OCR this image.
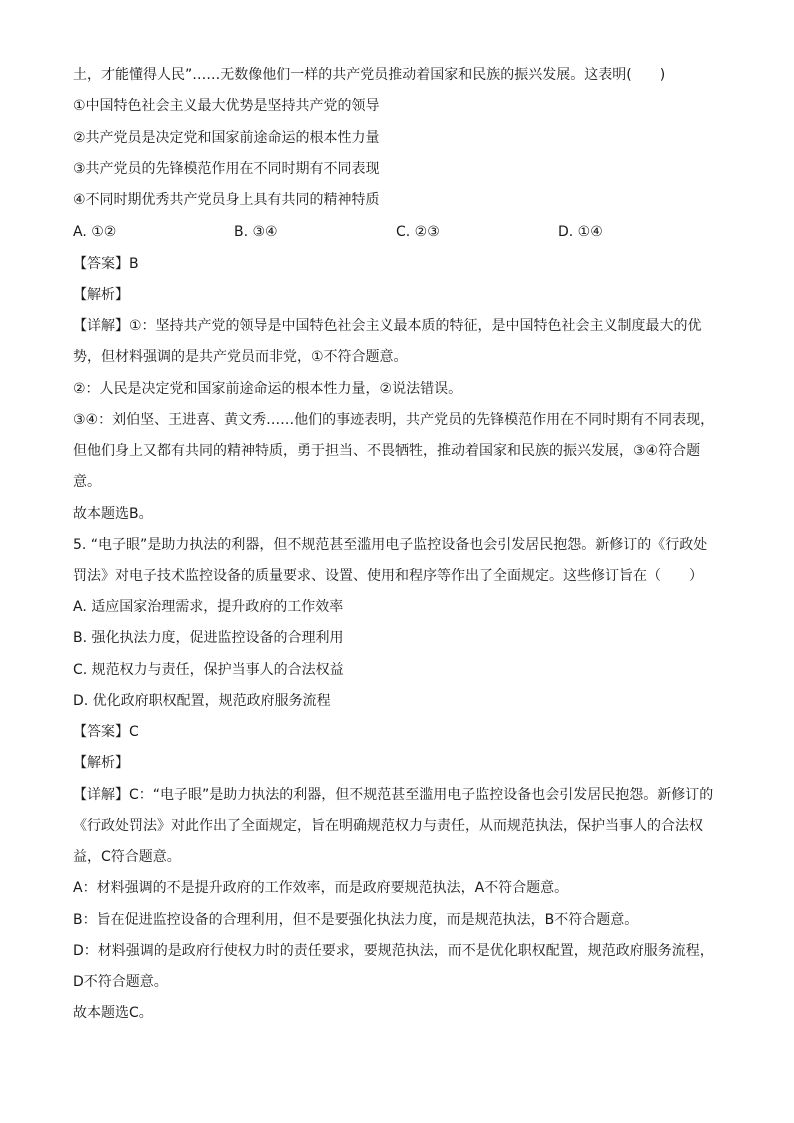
土，才能懂得人民”……无数像他们一样的共产党员推动着国家和民族的振兴发展。这表明(　　)
①中国特色社会主义最大优势是坚持共产党的领导
②共产党员是决定党和国家前途命运的根本性力量
③共产党员的先锋模范作用在不同时期有不同表现
④不同时期优秀共产党员身上具有共同的精神特质
A. ①②	B. ③④	C. ②③	D. ①④
【答案】B
【解析】
【详解】①：坚持共产党的领导是中国特色社会主义最本质的特征，是中国特色社会主义制度最大的优
势，但材料强调的是共产党员而非党，①不符合题意。
②：人民是决定党和国家前途命运的根本性力量，②说法错误。
③④：刘伯坚、王进喜、黄文秀……他们的事迹表明，共产党员的先锋模范作用在不同时期有不同表现，
但他们身上又都有共同的精神特质，勇于担当、不畏牺牲，推动着国家和民族的振兴发展，③④符合题
意。
故本题选B。
5. “电子眼”是助力执法的利器，但不规范甚至滥用电子监控设备也会引发居民抱怨。新修订的《行政处
罚法》对电子技术监控设备的质量要求、设置、使用和程序等作出了全面规定。这些修订旨在（　　）
A. 适应国家治理需求，提升政府的工作效率
B. 强化执法力度，促进监控设备的合理利用
C. 规范权力与责任，保护当事人的合法权益
D. 优化政府职权配置，规范政府服务流程
【答案】C
【解析】
【详解】C：“电子眼”是助力执法的利器，但不规范甚至滥用电子监控设备也会引发居民抱怨。新修订的
《行政处罚法》对此作出了全面规定，旨在明确规范权力与责任，从而规范执法，保护当事人的合法权
益，C符合题意。
A：材料强调的不是提升政府的工作效率，而是政府要规范执法，A不符合题意。
B：旨在促进监控设备的合理利用，但不是要强化执法力度，而是规范执法，B不符合题意。
D：材料强调的是政府行使权力时的责任要求，要规范执法，而不是优化职权配置，规范政府服务流程，
D不符合题意。
故本题选C。
